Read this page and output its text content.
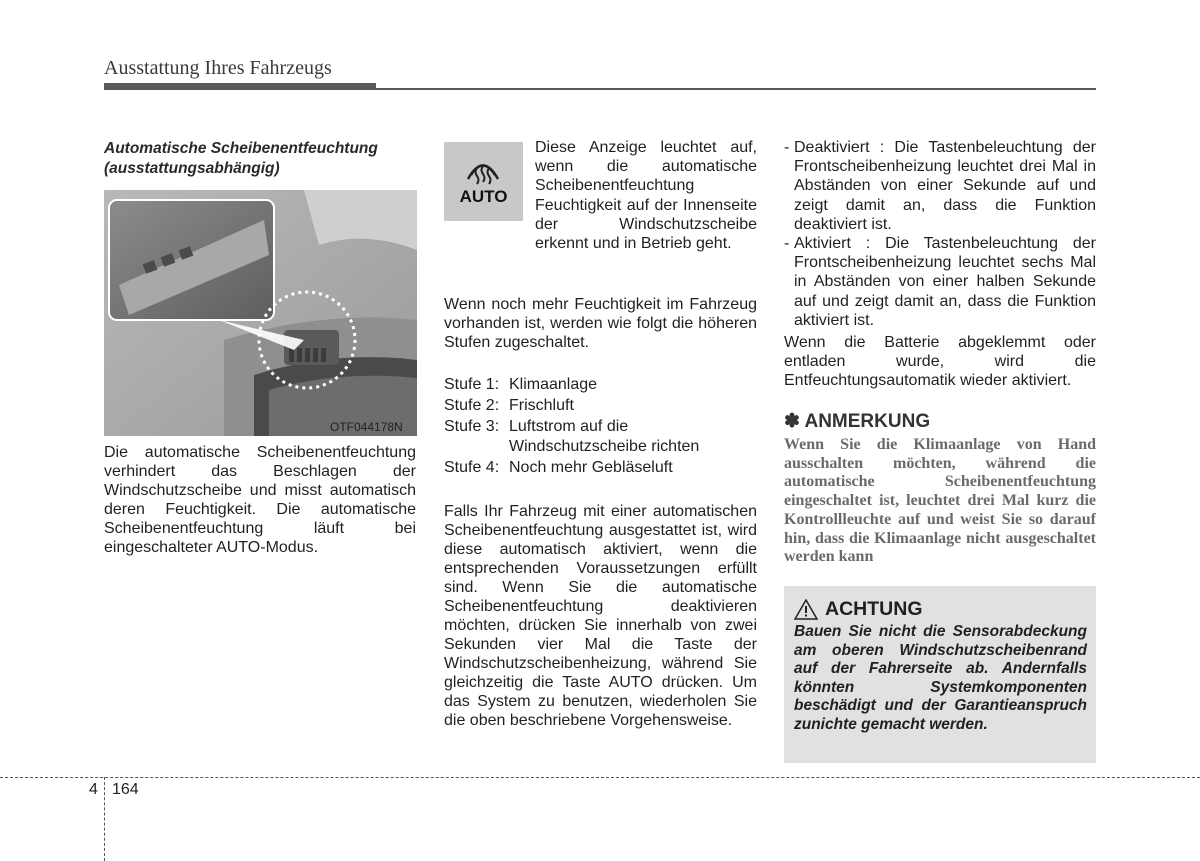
Ausstattung Ihres Fahrzeugs
Automatische Scheibenentfeuchtung
(ausstattungsabhängig)
OTF044178N
Die automatische Scheibenentfeuchtung verhindert das Beschlagen der Windschutzscheibe und misst automatisch deren Feuchtigkeit. Die automatische Scheibenentfeuchtung läuft bei eingeschalteter AUTO-Modus.
AUTO
Diese Anzeige leuchtet auf, wenn die automatische Scheibenentfeuchtung Feuchtigkeit auf der Innenseite der Windschutzscheibe erkennt und in Betrieb geht.
Wenn noch mehr Feuchtigkeit im Fahrzeug vorhanden ist, werden wie folgt die höheren Stufen zugeschaltet.
Stufe 1: Klimaanlage
Stufe 2: Frischluft
Stufe 3: Luftstrom auf die Windschutzscheibe richten
Stufe 4: Noch mehr Gebläseluft
Falls Ihr Fahrzeug mit einer automatischen Scheibenentfeuchtung ausgestattet ist, wird diese automatisch aktiviert, wenn die entsprechenden Voraussetzungen erfüllt sind. Wenn Sie die automatische Scheibenentfeuchtung deaktivieren möchten, drücken Sie innerhalb von zwei Sekunden vier Mal die Taste der Windschutzscheibenheizung, während Sie gleichzeitig die Taste AUTO drücken. Um das System zu benutzen, wiederholen Sie die oben beschriebene Vorgehensweise.
- Deaktiviert : Die Tastenbeleuchtung der Frontscheibenheizung leuchtet drei Mal in Abständen von einer Sekunde auf und zeigt damit an, dass die Funktion deaktiviert ist.
- Aktiviert : Die Tastenbeleuchtung der Frontscheibenheizung leuchtet sechs Mal in Abständen von einer halben Sekunde auf und zeigt damit an, dass die Funktion aktiviert ist.
Wenn die Batterie abgeklemmt oder entladen wurde, wird die Entfeuchtungsautomatik wieder aktiviert.
✽ ANMERKUNG
Wenn Sie die Klimaanlage von Hand ausschalten möchten, während die automatische Scheibenentfeuchtung eingeschaltet ist, leuchtet drei Mal kurz die Kontrollleuchte auf und weist Sie so darauf hin, dass die Klimaanlage nicht ausgeschaltet werden kann
ACHTUNG
Bauen Sie nicht die Sensorabdeckung am oberen Windschutzscheibenrand auf der Fahrerseite ab. Andernfalls könnten Systemkomponenten beschädigt und der Garantieanspruch zunichte gemacht werden.
4 164
